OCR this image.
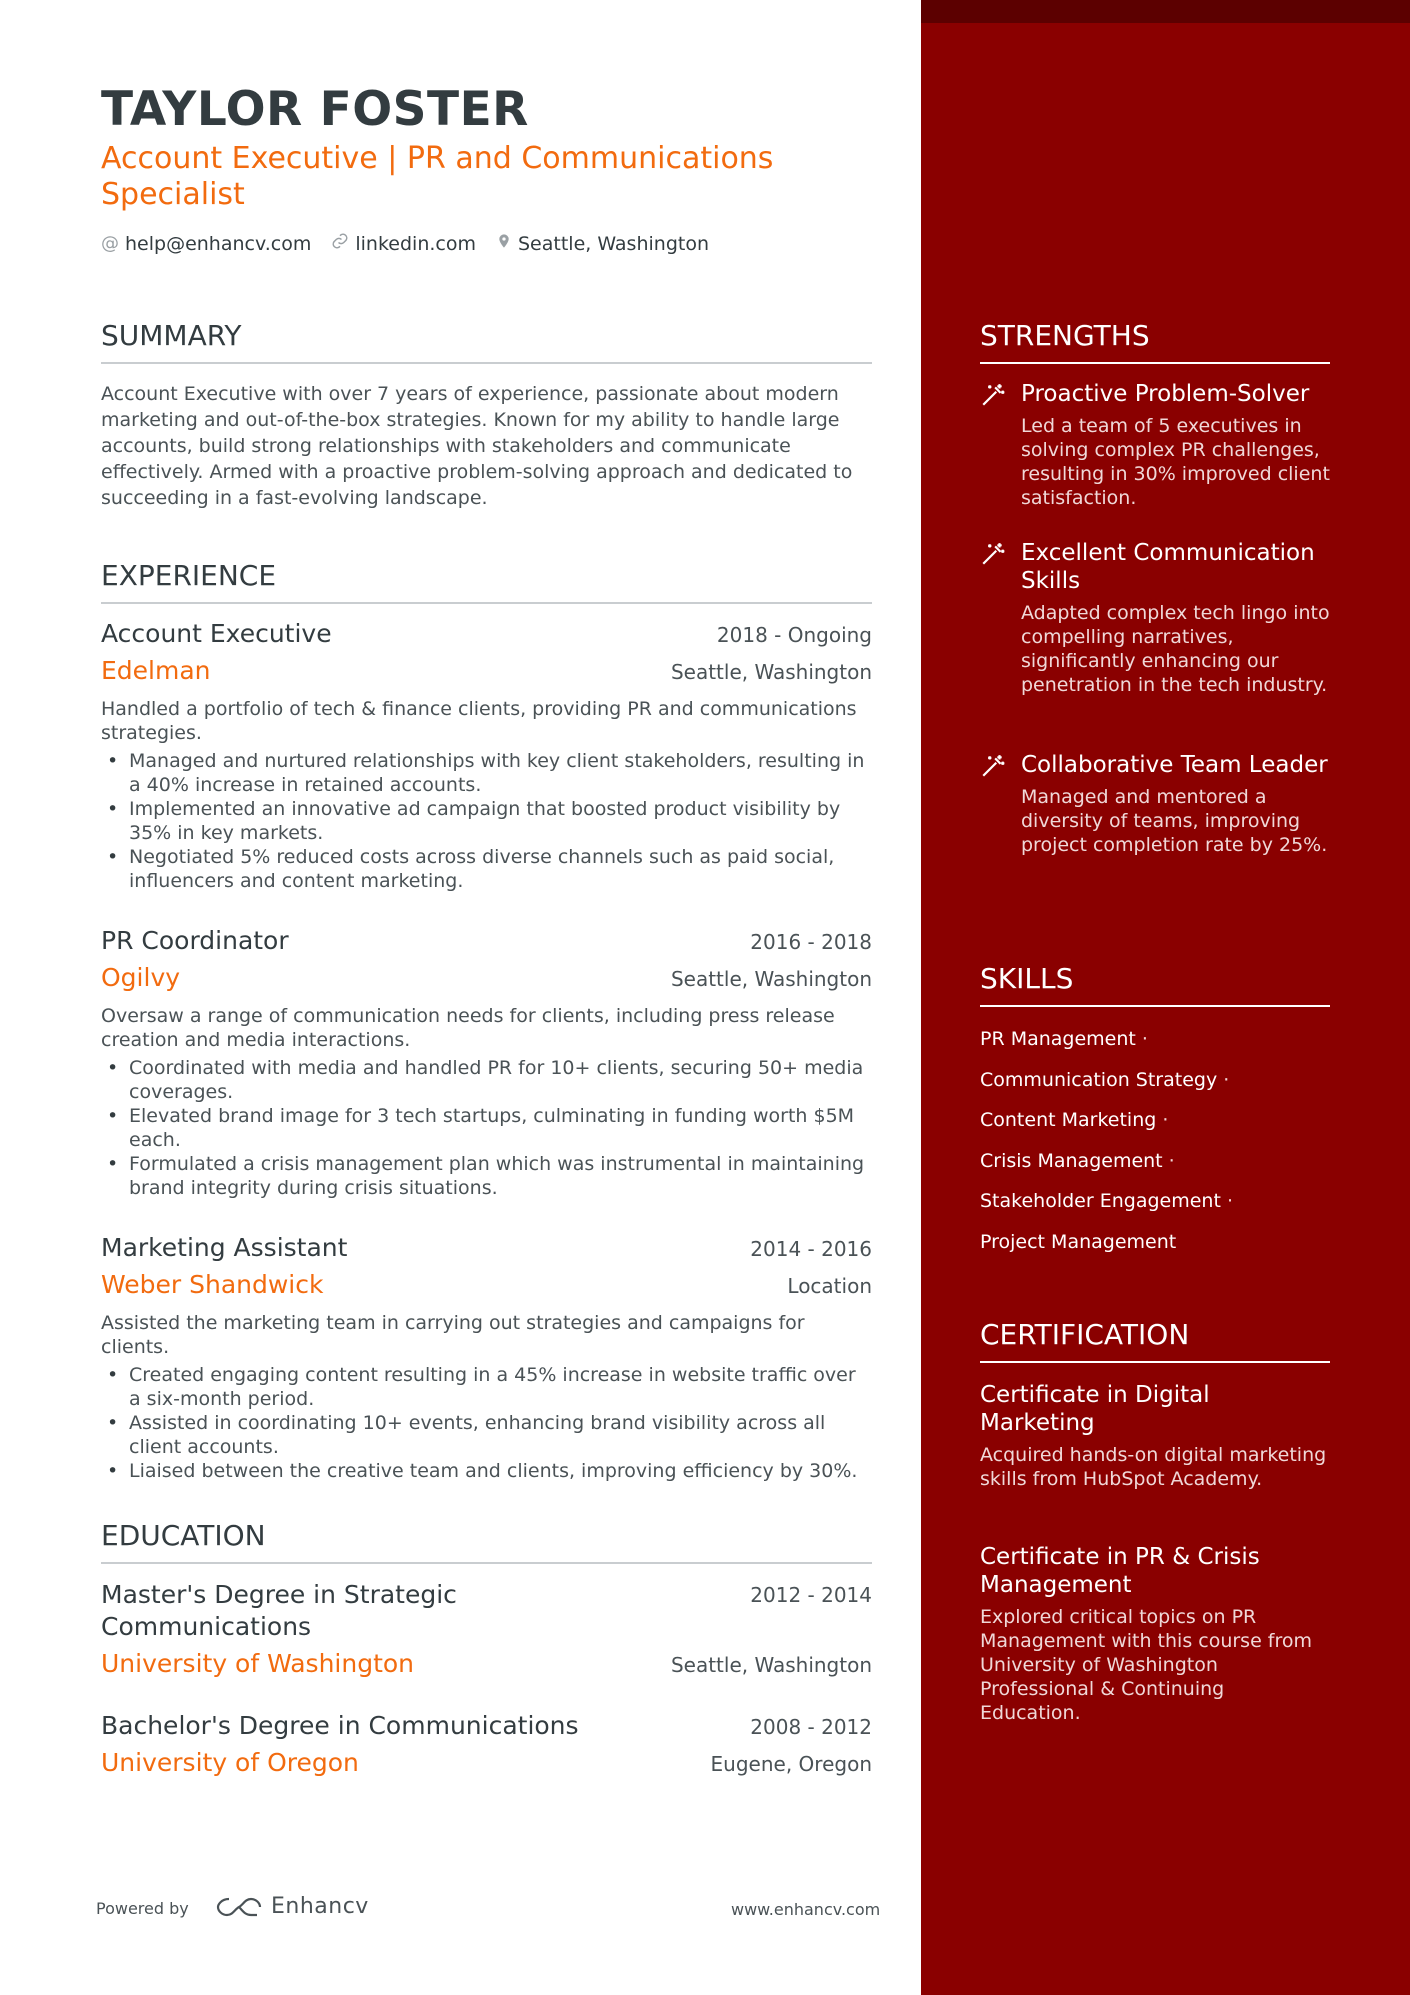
TAYLOR FOSTER
Account Executive | PR and Communications Specialist
@ help@enhancv.com linkedin.com Seattle, Washington
SUMMARY
Account Executive with over 7 years of experience, passionate about modern marketing and out-of-the-box strategies. Known for my ability to handle large accounts, build strong relationships with stakeholders and communicate effectively. Armed with a proactive problem-solving approach and dedicated to succeeding in a fast-evolving landscape.
EXPERIENCE
Account Executive	2018 - Ongoing
Edelman	Seattle, Washington
Handled a portfolio of tech & finance clients, providing PR and communications strategies.
• Managed and nurtured relationships with key client stakeholders, resulting in a 40% increase in retained accounts.
• Implemented an innovative ad campaign that boosted product visibility by 35% in key markets.
• Negotiated 5% reduced costs across diverse channels such as paid social, influencers and content marketing.
PR Coordinator	2016 - 2018
Ogilvy	Seattle, Washington
Oversaw a range of communication needs for clients, including press release creation and media interactions.
• Coordinated with media and handled PR for 10+ clients, securing 50+ media coverages.
• Elevated brand image for 3 tech startups, culminating in funding worth $5M each.
• Formulated a crisis management plan which was instrumental in maintaining brand integrity during crisis situations.
Marketing Assistant	2014 - 2016
Weber Shandwick	Location
Assisted the marketing team in carrying out strategies and campaigns for clients.
• Created engaging content resulting in a 45% increase in website traffic over a six-month period.
• Assisted in coordinating 10+ events, enhancing brand visibility across all client accounts.
• Liaised between the creative team and clients, improving efficiency by 30%.
EDUCATION
Master's Degree in Strategic Communications
2012 - 2014
University of Washington	Seattle, Washington
Bachelor's Degree in Communications	2008 - 2012
University of Oregon	Eugene, Oregon
Powered by	Enhancv	www.enhancv.com
STRENGTHS
Proactive Problem-Solver
Led a team of 5 executives in solving complex PR challenges, resulting in 30% improved client satisfaction.
Excellent Communication Skills
Adapted complex tech lingo into compelling narratives, significantly enhancing our penetration in the tech industry.
Collaborative Team Leader
Managed and mentored a diversity of teams, improving project completion rate by 25%.
SKILLS
PR Management ·
Communication Strategy ·
Content Marketing ·
Crisis Management ·
Stakeholder Engagement ·
Project Management
CERTIFICATION
Certificate in Digital Marketing
Acquired hands-on digital marketing skills from HubSpot Academy.
Certificate in PR & Crisis Management
Explored critical topics on PR Management with this course from University of Washington Professional & Continuing Education.
